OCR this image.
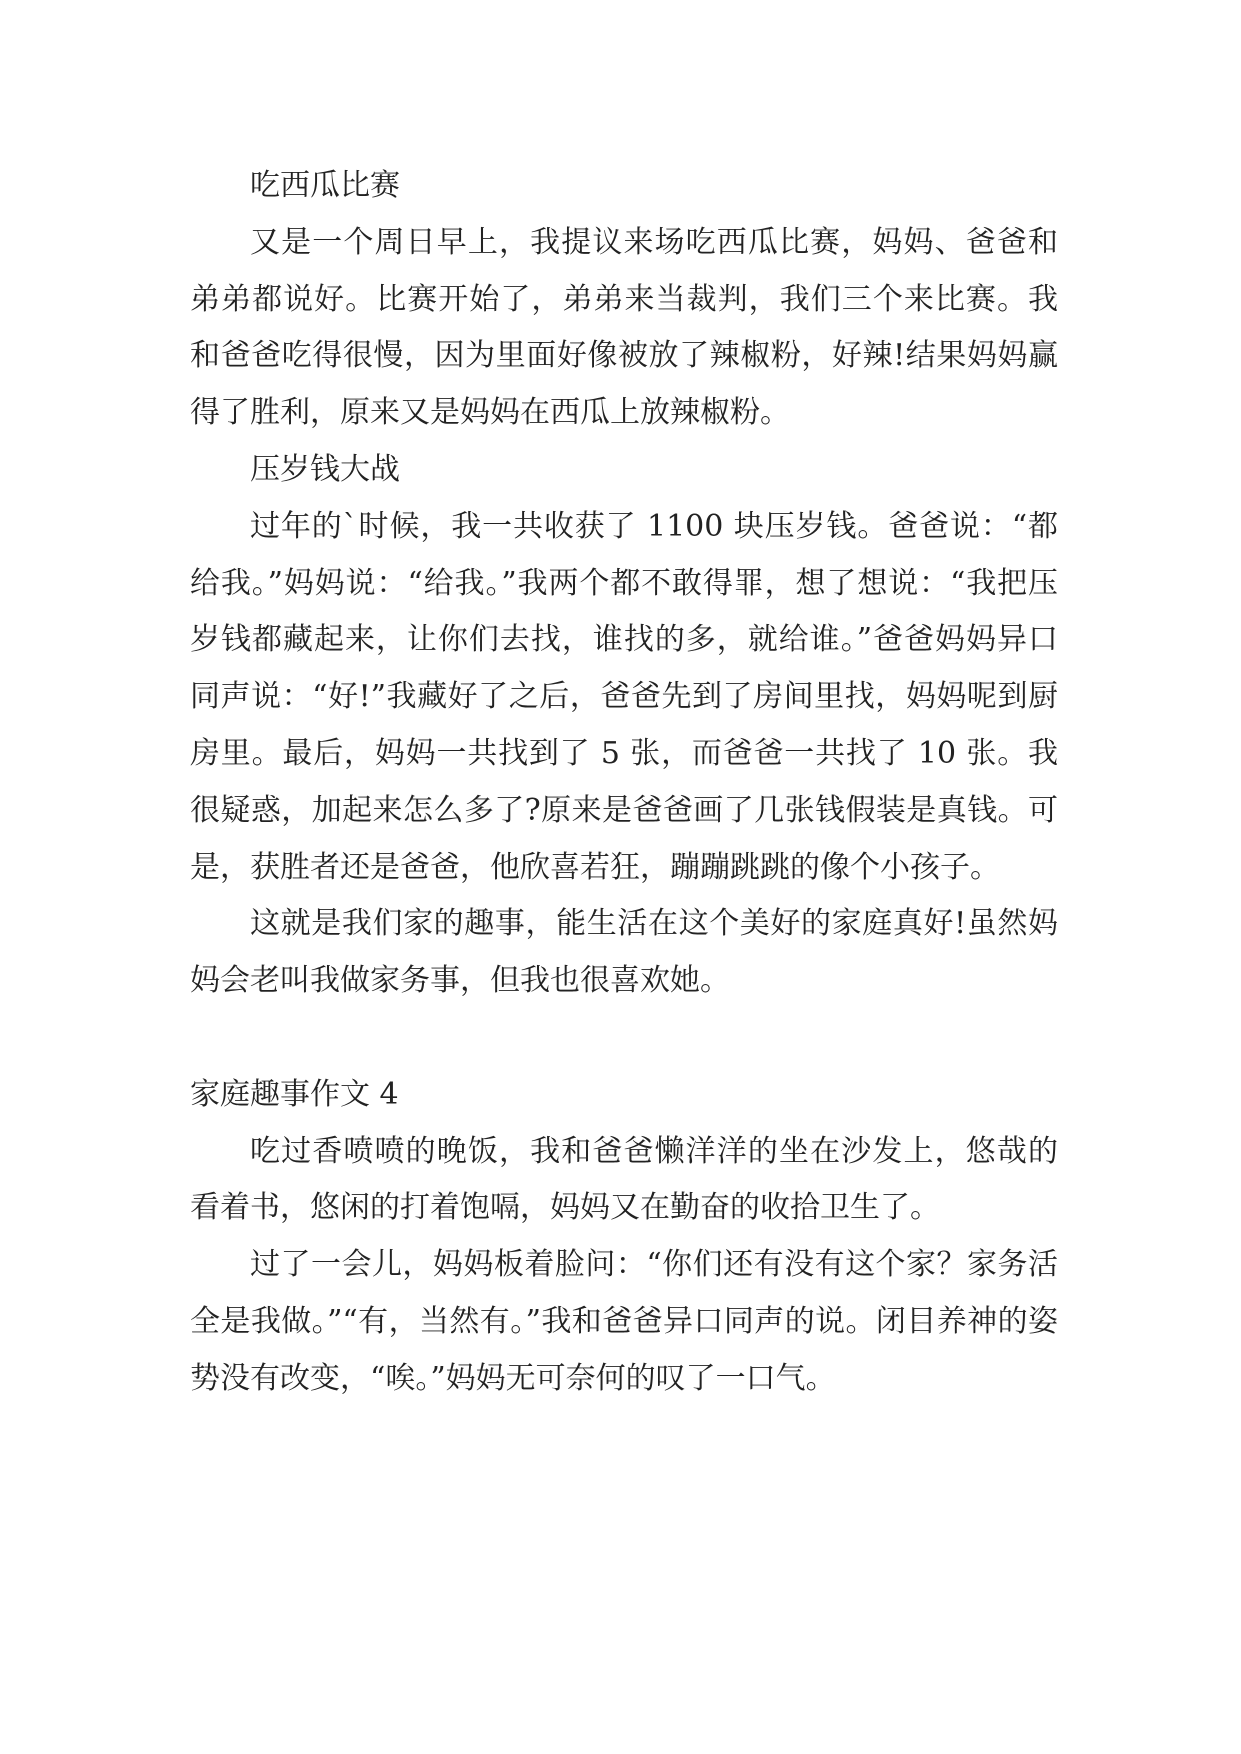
吃西瓜比赛

又是一个周日早上，我提议来场吃西瓜比赛，妈妈、爸爸和弟弟都说好。比赛开始了，弟弟来当裁判，我们三个来比赛。我和爸爸吃得很慢，因为里面好像被放了辣椒粉，好辣!结果妈妈赢得了胜利，原来又是妈妈在西瓜上放辣椒粉。

压岁钱大战

过年的`时候，我一共收获了 1100 块压岁钱。爸爸说：“都给我。”妈妈说：“给我。”我两个都不敢得罪，想了想说：“我把压岁钱都藏起来，让你们去找，谁找的多，就给谁。”爸爸妈妈异口同声说：“好!”我藏好了之后，爸爸先到了房间里找，妈妈呢到厨房里。最后，妈妈一共找到了 5 张，而爸爸一共找了 10 张。我很疑惑，加起来怎么多了?原来是爸爸画了几张钱假装是真钱。可是，获胜者还是爸爸，他欣喜若狂，蹦蹦跳跳的像个小孩子。

这就是我们家的趣事，能生活在这个美好的家庭真好!虽然妈妈会老叫我做家务事，但我也很喜欢她。

家庭趣事作文 4

吃过香喷喷的晚饭，我和爸爸懒洋洋的坐在沙发上，悠哉的看着书，悠闲的打着饱嗝，妈妈又在勤奋的收拾卫生了。

过了一会儿，妈妈板着脸问：“你们还有没有这个家？家务活全是我做。”“有，当然有。”我和爸爸异口同声的说。闭目养神的姿势没有改变，“唉。”妈妈无可奈何的叹了一口气。
